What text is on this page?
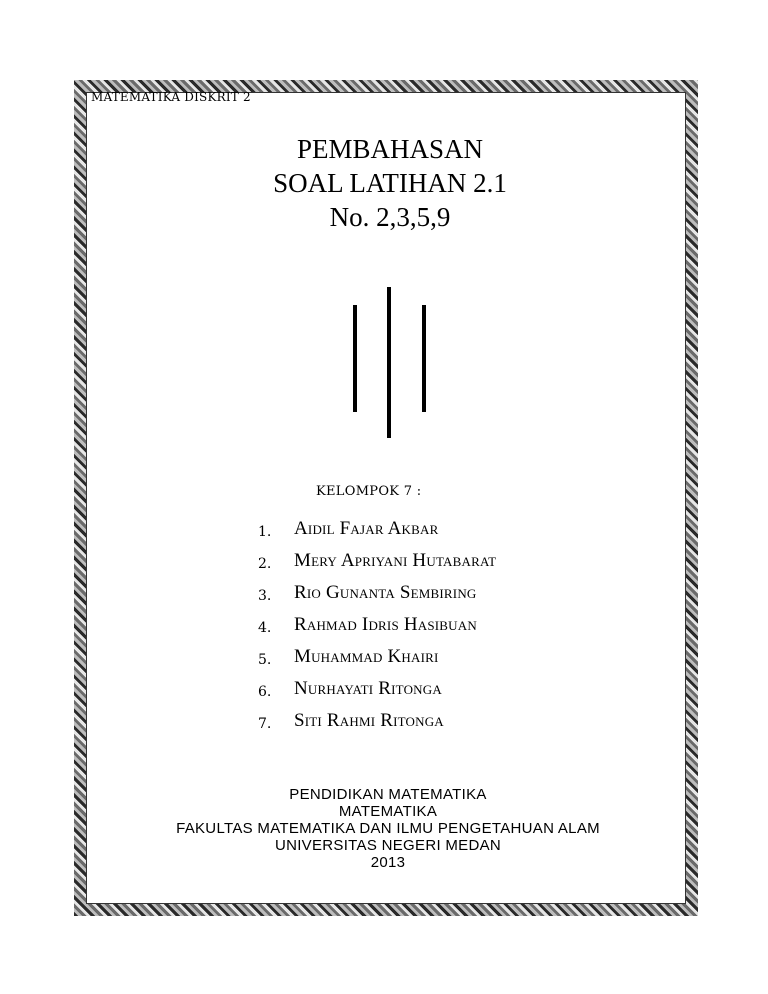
MATEMATIKA DISKRIT 2
PEMBAHASAN
SOAL LATIHAN 2.1
No. 2,3,5,9
KELOMPOK 7 :
1.	Aidil Fajar Akbar
2.	Mery Apriyani Hutabarat
3.	Rio Gunanta Sembiring
4.	Rahmad Idris Hasibuan
5.	Muhammad Khairi
6.	Nurhayati Ritonga
7.	Siti Rahmi Ritonga
PENDIDIKAN MATEMATIKA
MATEMATIKA
FAKULTAS MATEMATIKA DAN ILMU PENGETAHUAN ALAM
UNIVERSITAS NEGERI MEDAN
2013
